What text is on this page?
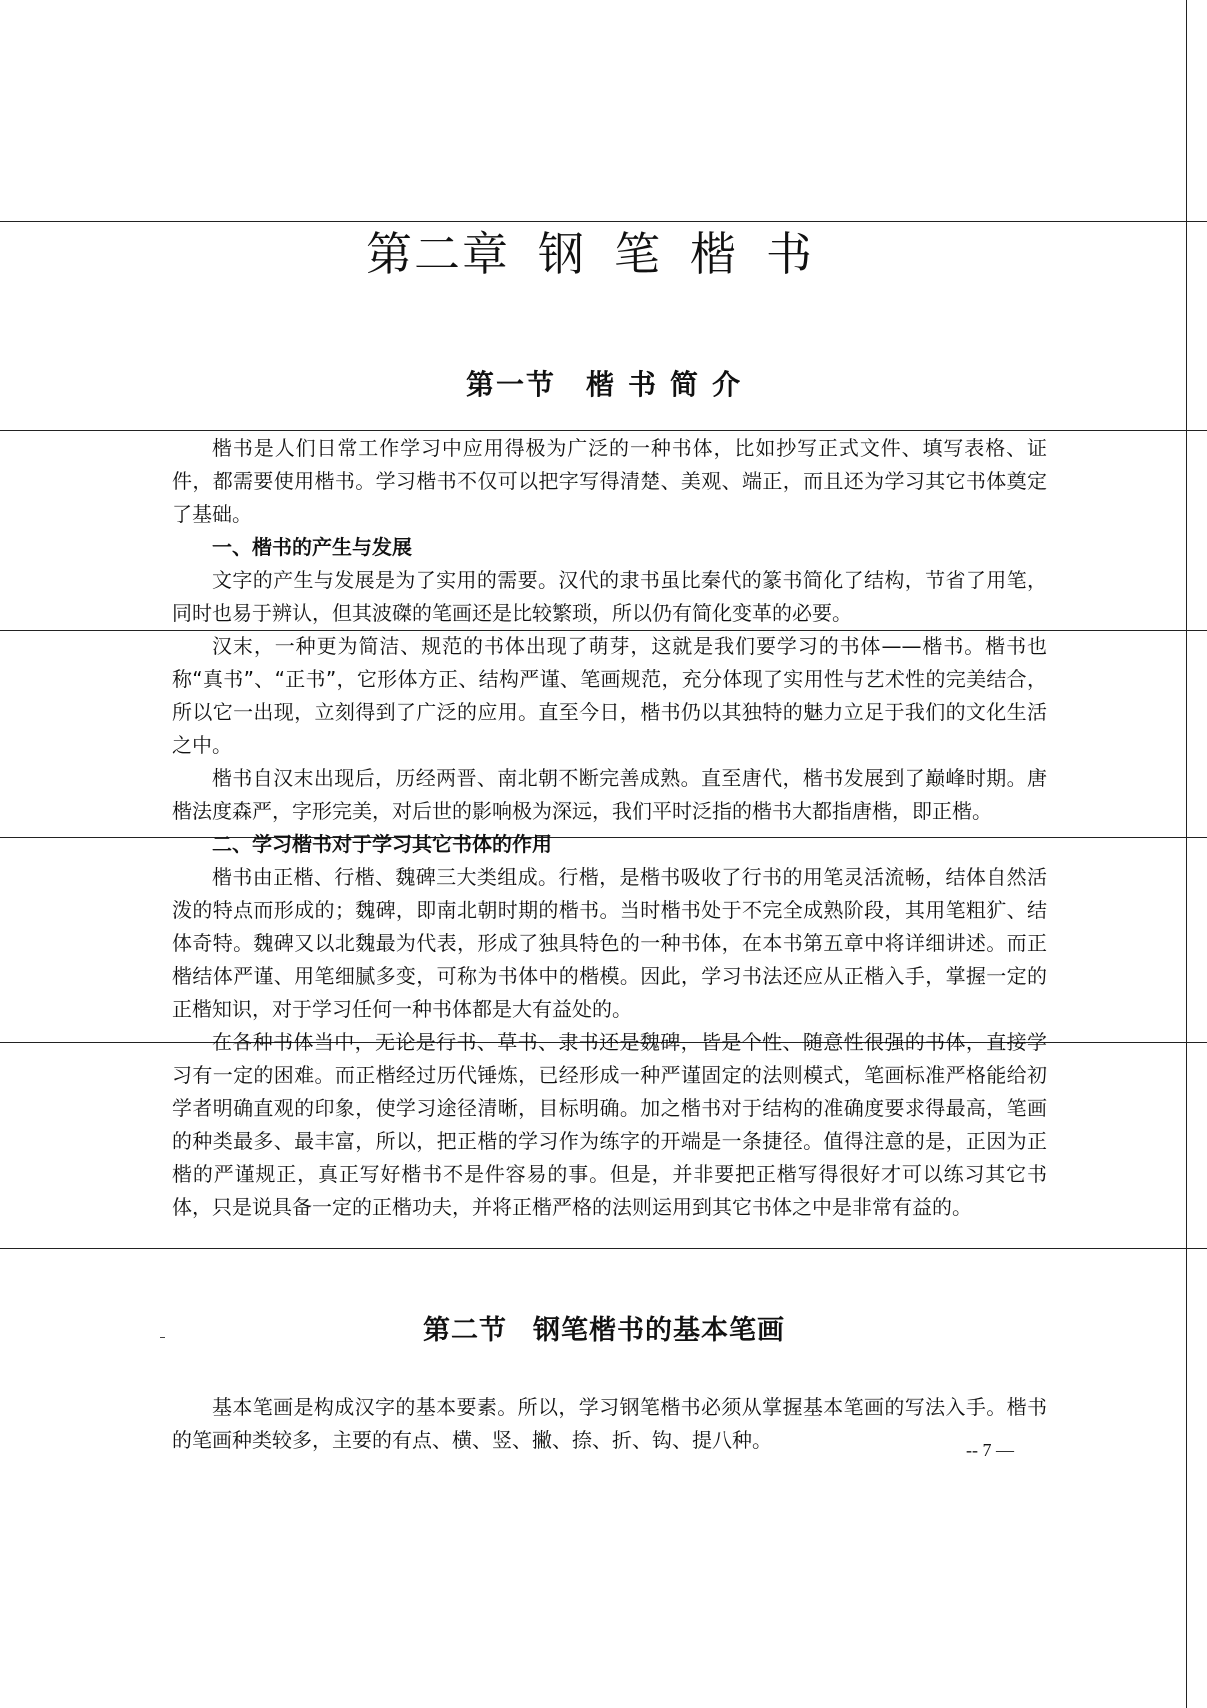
第二章 钢 笔 楷 书
第一节 楷 书 简 介

楷书是人们日常工作学习中应用得极为广泛的一种书体，比如抄写正式文件、填写表格、证件，都需要使用楷书。学习楷书不仅可以把字写得清楚、美观、端正，而且还为学习其它书体奠定了基础。

一、楷书的产生与发展

文字的产生与发展是为了实用的需要。汉代的隶书虽比秦代的篆书简化了结构，节省了用笔，同时也易于辨认，但其波磔的笔画还是比较繁琐，所以仍有简化变革的必要。

汉末，一种更为简洁、规范的书体出现了萌芽，这就是我们要学习的书体——楷书。楷书也称“真书”、“正书”，它形体方正、结构严谨、笔画规范，充分体现了实用性与艺术性的完美结合，所以它一出现，立刻得到了广泛的应用。直至今日，楷书仍以其独特的魅力立足于我们的文化生活之中。

楷书自汉末出现后，历经两晋、南北朝不断完善成熟。直至唐代，楷书发展到了巅峰时期。唐楷法度森严，字形完美，对后世的影响极为深远，我们平时泛指的楷书大都指唐楷，即正楷。

二、学习楷书对于学习其它书体的作用

楷书由正楷、行楷、魏碑三大类组成。行楷，是楷书吸收了行书的用笔灵活流畅，结体自然活泼的特点而形成的；魏碑，即南北朝时期的楷书。当时楷书处于不完全成熟阶段，其用笔粗犷、结体奇特。魏碑又以北魏最为代表，形成了独具特色的一种书体，在本书第五章中将详细讲述。而正楷结体严谨、用笔细腻多变，可称为书体中的楷模。因此，学习书法还应从正楷入手，掌握一定的正楷知识，对于学习任何一种书体都是大有益处的。

在各种书体当中，无论是行书、草书、隶书还是魏碑，皆是个性、随意性很强的书体，直接学习有一定的困难。而正楷经过历代锤炼，已经形成一种严谨固定的法则模式，笔画标准严格能给初学者明确直观的印象，使学习途径清晰，目标明确。加之楷书对于结构的准确度要求得最高，笔画的种类最多、最丰富，所以，把正楷的学习作为练字的开端是一条捷径。值得注意的是，正因为正楷的严谨规正，真正写好楷书不是件容易的事。但是，并非要把正楷写得很好才可以练习其它书体，只是说具备一定的正楷功夫，并将正楷严格的法则运用到其它书体之中是非常有益的。

第二节 钢笔楷书的基本笔画

基本笔画是构成汉字的基本要素。所以，学习钢笔楷书必须从掌握基本笔画的写法入手。楷书的笔画种类较多，主要的有点、横、竖、撇、捺、折、钩、提八种。	-- 7 —
